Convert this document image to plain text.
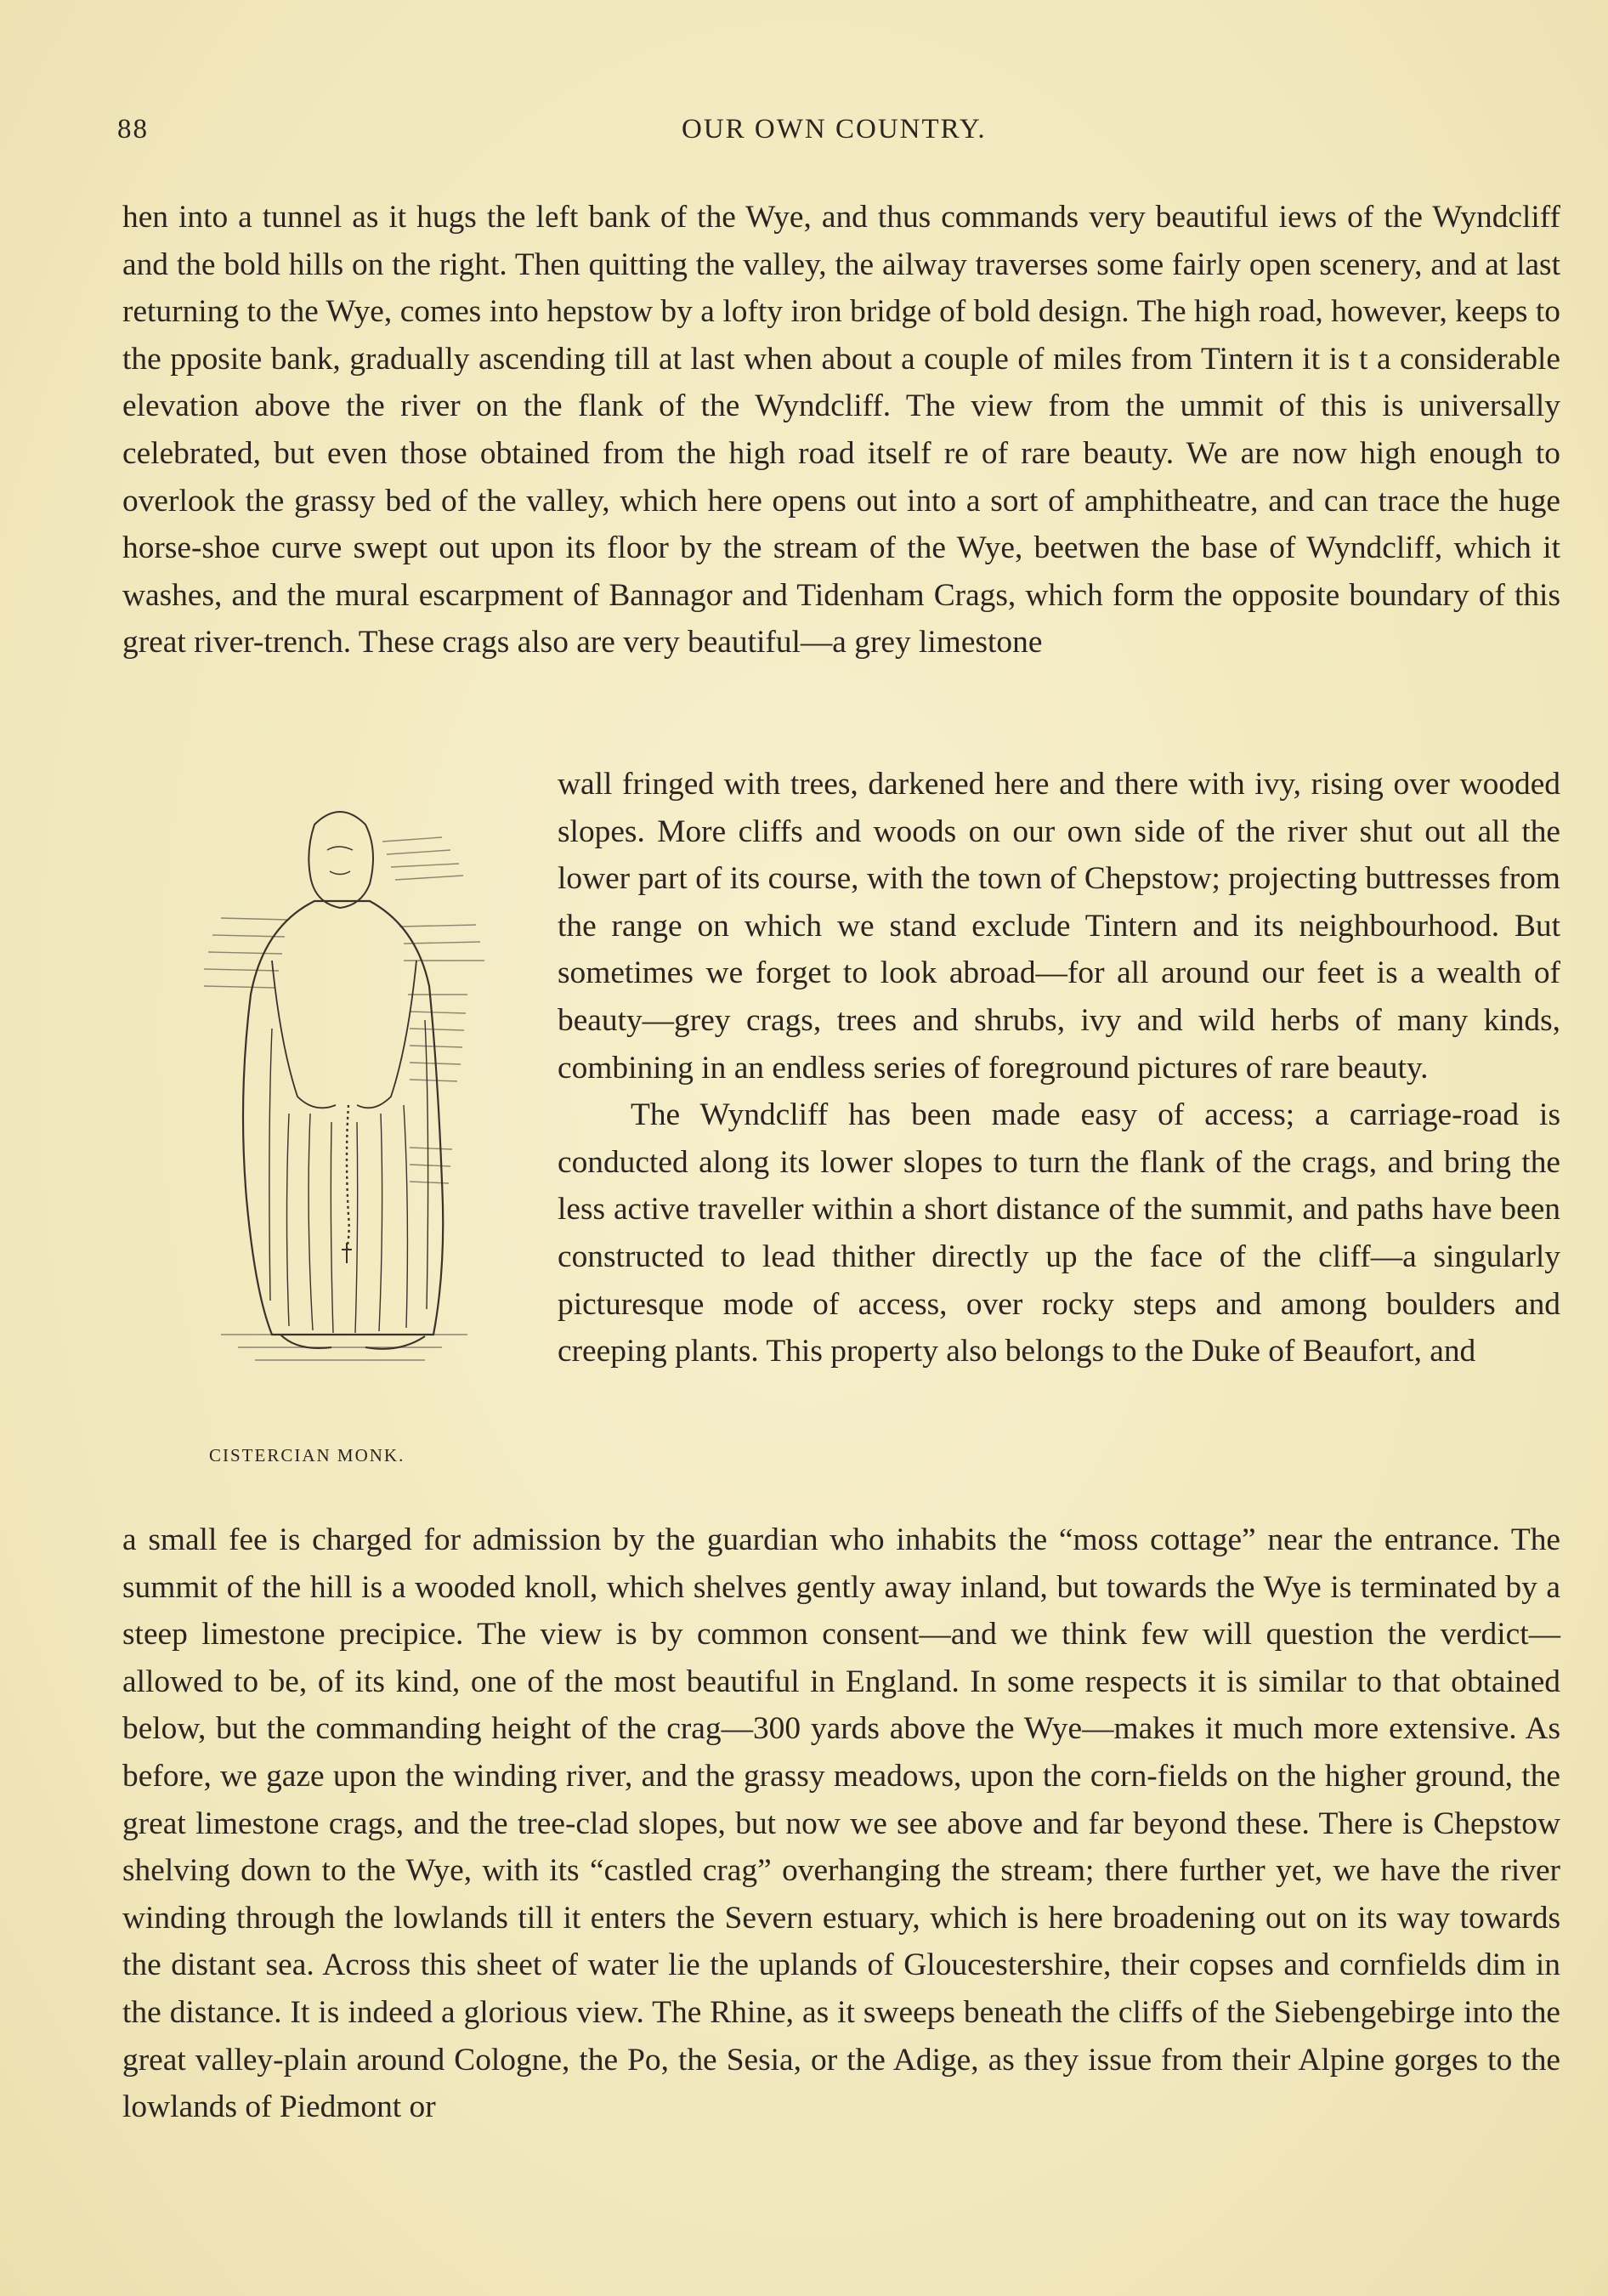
88	OUR OWN COUNTRY.

hen into a tunnel as it hugs the left bank of the Wye, and thus commands very beautiful iews of the Wyndcliff and the bold hills on the right. Then quitting the valley, the ailway traverses some fairly open scenery, and at last returning to the Wye, comes into hepstow by a lofty iron bridge of bold design. The high road, however, keeps to the pposite bank, gradually ascending till at last when about a couple of miles from Tintern it is t a considerable elevation above the river on the flank of the Wyndcliff. The view from the ummit of this is universally celebrated, but even those obtained from the high road itself re of rare beauty. We are now high enough to overlook the grassy bed of the valley, which here opens out into a sort of amphitheatre, and can trace the huge horse-shoe curve swept out upon its floor by the stream of the Wye, beetwen the base of Wyndcliff, which it washes, and the mural escarpment of Bannagor and Tidenham Crags, which form the opposite boundary of this great river-trench. These crags also are very beautiful—a grey limestone

CISTERCIAN MONK.

wall fringed with trees, darkened here and there with ivy, rising over wooded slopes. More cliffs and woods on our own side of the river shut out all the lower part of its course, with the town of Chepstow; projecting buttresses from the range on which we stand exclude Tintern and its neighbourhood. But sometimes we forget to look abroad—for all around our feet is a wealth of beauty—grey crags, trees and shrubs, ivy and wild herbs of many kinds, combining in an endless series of foreground pictures of rare beauty.

The Wyndcliff has been made easy of access; a carriage-road is conducted along its lower slopes to turn the flank of the crags, and bring the less active traveller within a short distance of the summit, and paths have been constructed to lead thither directly up the face of the cliff—a singularly picturesque mode of access, over rocky steps and among boulders and creeping plants. This property also belongs to the Duke of Beaufort, and

a small fee is charged for admission by the guardian who inhabits the “moss cottage” near the entrance. The summit of the hill is a wooded knoll, which shelves gently away inland, but towards the Wye is terminated by a steep limestone precipice. The view is by common consent—and we think few will question the verdict—allowed to be, of its kind, one of the most beautiful in England. In some respects it is similar to that obtained below, but the commanding height of the crag—300 yards above the Wye—makes it much more extensive. As before, we gaze upon the winding river, and the grassy meadows, upon the corn-fields on the higher ground, the great limestone crags, and the tree-clad slopes, but now we see above and far beyond these. There is Chepstow shelving down to the Wye, with its “castled crag” overhanging the stream; there further yet, we have the river winding through the lowlands till it enters the Severn estuary, which is here broadening out on its way towards the distant sea. Across this sheet of water lie the uplands of Gloucestershire, their copses and cornfields dim in the distance. It is indeed a glorious view. The Rhine, as it sweeps beneath the cliffs of the Siebengebirge into the great valley-plain around Cologne, the Po, the Sesia, or the Adige, as they issue from their Alpine gorges to the lowlands of Piedmont or
